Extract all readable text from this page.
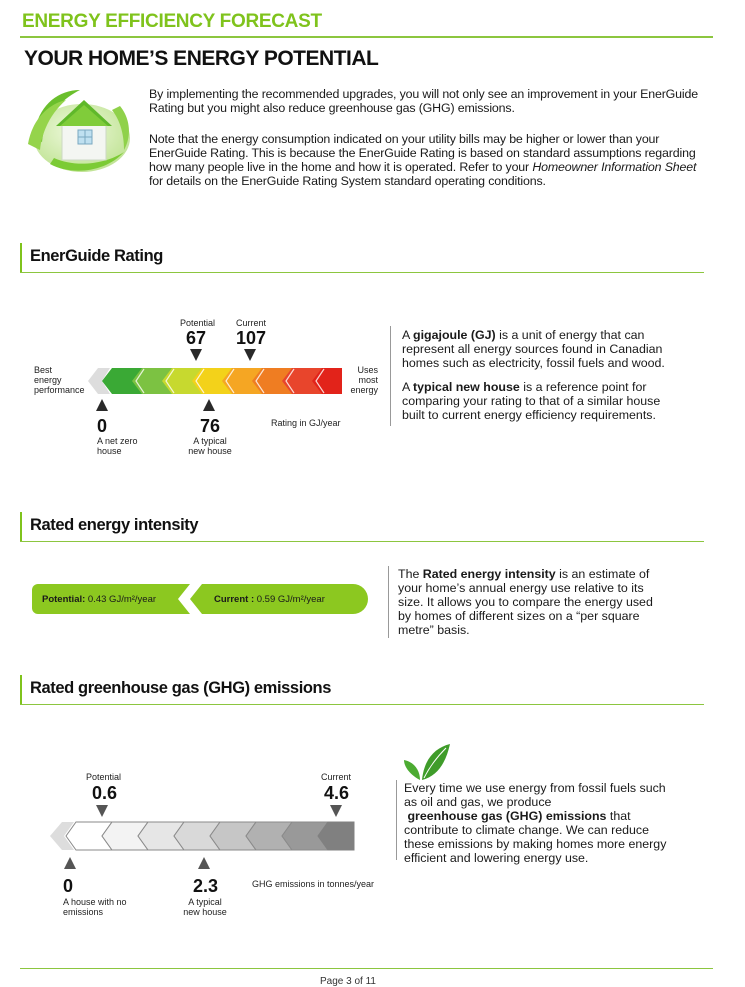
ENERGY EFFICIENCY FORECAST
YOUR HOME’S ENERGY POTENTIAL
By implementing the recommended upgrades, you will not only see an improvement in your EnerGuide Rating but you might also reduce greenhouse gas (GHG) emissions.
Note that the energy consumption indicated on your utility bills may be higher or lower than your EnerGuide Rating. This is because the EnerGuide Rating is based on standard assumptions regarding how many people live in the home and how it is operated. Refer to your Homeowner Information Sheet for details on the EnerGuide Rating System standard operating conditions.
EnerGuide Rating
Best
energy
performance
Uses
most
energy
Potential
67
Current
107
0
A net zero
house
76
A typical
new house
Rating in GJ/year
A gigajoule (GJ) is a unit of energy that can represent all energy sources found in Canadian homes such as electricity, fossil fuels and wood.
A typical new house is a reference point for comparing your rating to that of a similar house built to current energy efficiency requirements.
Rated energy intensity
Potential: 0.43 GJ/m²/year	Current : 0.59 GJ/m²/year
The Rated energy intensity is an estimate of your home’s annual energy use relative to its size. It allows you to compare the energy used by homes of different sizes on a “per square metre” basis.
Rated greenhouse gas (GHG) emissions
Potential
0.6
Current
4.6
0
A house with no
emissions
2.3
A typical
new house
GHG emissions in tonnes/year
Every time we use energy from fossil fuels such as oil and gas, we produce
greenhouse gas (GHG) emissions that contribute to climate change. We can reduce these emissions by making homes more energy efficient and lowering energy use.
Page 3 of 11
